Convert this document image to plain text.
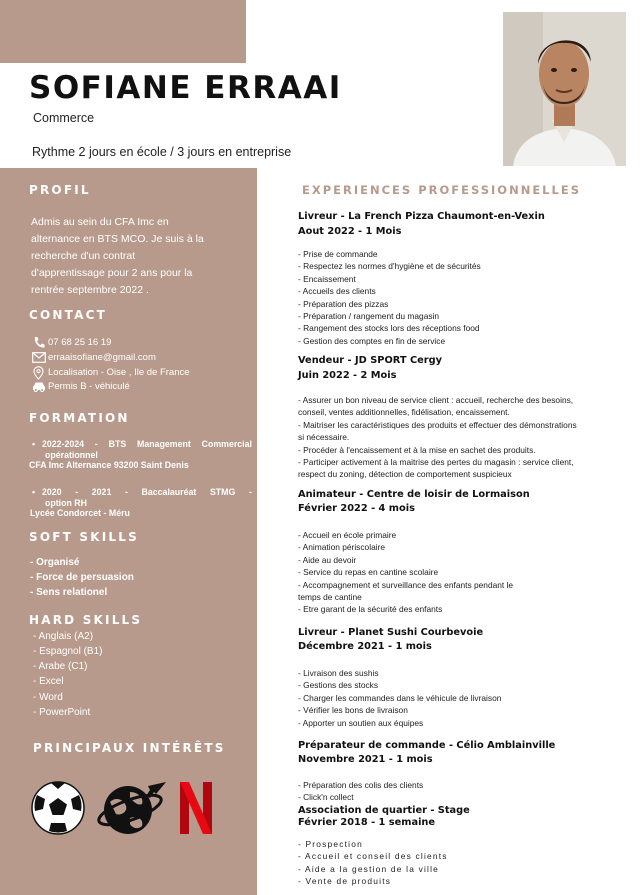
SOFIANE ERRAAI
Commerce
Rythme 2 jours en école / 3 jours en entreprise
PROFIL
Admis au sein du CFA Imc en
alternance en BTS MCO. Je suis à la
recherche d'un contrat
d'apprentissage pour 2 ans pour la
rentrée septembre 2022 .
CONTACT
07 68 25 16 19
erraaisofiane@gmail.com
Localisation - Oise , Ile de France
Permis B - véhiculé
FORMATION
• 2022-2024 - BTS Management Commercial
opérationnel
CFA Imc Alternance 93200 Saint Denis
• 2020 - 2021 - Baccalauréat STMG -
option RH
Lycée Condorcet - Méru
SOFT SKILLS
- Organisé
- Force de persuasion
- Sens relationel
HARD SKILLS
- Anglais (A2)
- Espagnol (B1)
- Arabe (C1)
- Excel
- Word
- PowerPoint
PRINCIPAUX INTÉRÊTS
EXPERIENCES PROFESSIONNELLES
Livreur - La French Pizza Chaumont-en-Vexin
Aout 2022 - 1 Mois
- Prise de commande
- Respectez les normes d'hygiène et de sécurités
- Encaissement
- Accueils des clients
- Préparation des pizzas
- Préparation / rangement du magasin
- Rangement des stocks lors des réceptions food
- Gestion des comptes en fin de service
Vendeur - JD SPORT Cergy
Juin 2022 - 2 Mois
- Assurer un bon niveau de service client : accueil, recherche des besoins,
conseil, ventes additionnelles, fidélisation, encaissement.
- Maitriser les caractéristiques des produits et effectuer des démonstrations
si nécessaire.
- Procéder à l'encaissement et à la mise en sachet des produits.
- Participer activement à la maitrise des pertes du magasin : service client,
respect du zoning, détection de comportement suspicieux
Animateur - Centre de loisir de Lormaison
Février 2022 - 4 mois
- Accueil en école primaire
- Animation périscolaire
- Aide au devoir
- Service du repas en cantine scolaire
- Accompagnement et surveillance des enfants pendant le
temps de cantine
- Etre garant de la sécurité des enfants
Livreur - Planet Sushi Courbevoie
Décembre 2021 - 1 mois
- Livraison des sushis
- Gestions des stocks
- Charger les commandes dans le véhicule de livraison
- Vérifier les bons de livraison
- Apporter un soutien aux équipes
Préparateur de commande - Célio Amblainville
Novembre 2021 - 1 mois
- Préparation des colis des clients
- Click'n collect
Association de quartier - Stage
Février 2018 - 1 semaine
- Prospection
- Accueil et conseil des clients
- Aide a la gestion de la ville
- Vente de produits
